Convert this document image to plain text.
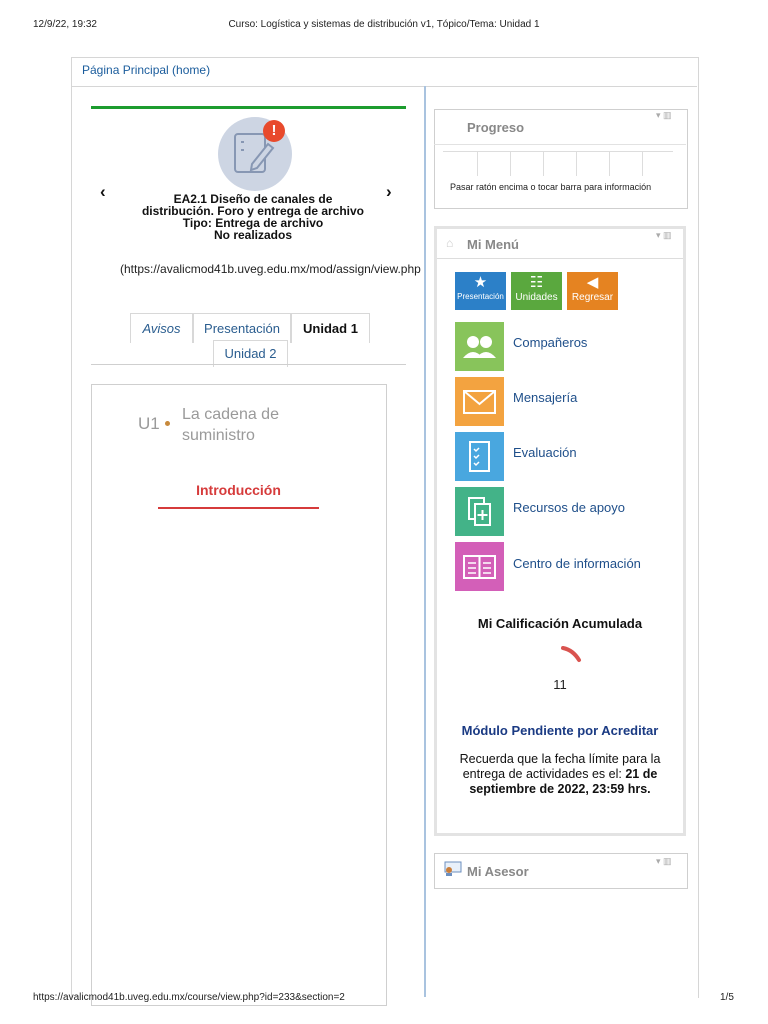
12/9/22, 19:32	Curso: Logística y sistemas de distribución v1, Tópico/Tema: Unidad 1
Página Principal (home)
!
‹	›
EA2.1 Diseño de canales de
distribución. Foro y entrega de archivo
Tipo: Entrega de archivo
No realizados
(https://avalicmod41b.uveg.edu.mx/mod/assign/view.php
Avisos	Presentación	Unidad 1
Unidad 2
U1 La cadena de
suministro
Introducción
Progreso
▾ ▥
Pasar ratón encima o tocar barra para información
⌂ Mi Menú
▾ ▥
★
Presentación
☷
Unidades
◀
Regresar
Compañeros
Mensajería
Evaluación
Recursos de apoyo
Centro de información
Mi Calificación Acumulada
11
Módulo Pendiente por Acreditar
Recuerda que la fecha límite para la entrega de actividades es el: 21 de septiembre de 2022, 23:59 hrs.
Mi Asesor
▾ ▥
https://avalicmod41b.uveg.edu.mx/course/view.php?id=233&section=2	1/5
